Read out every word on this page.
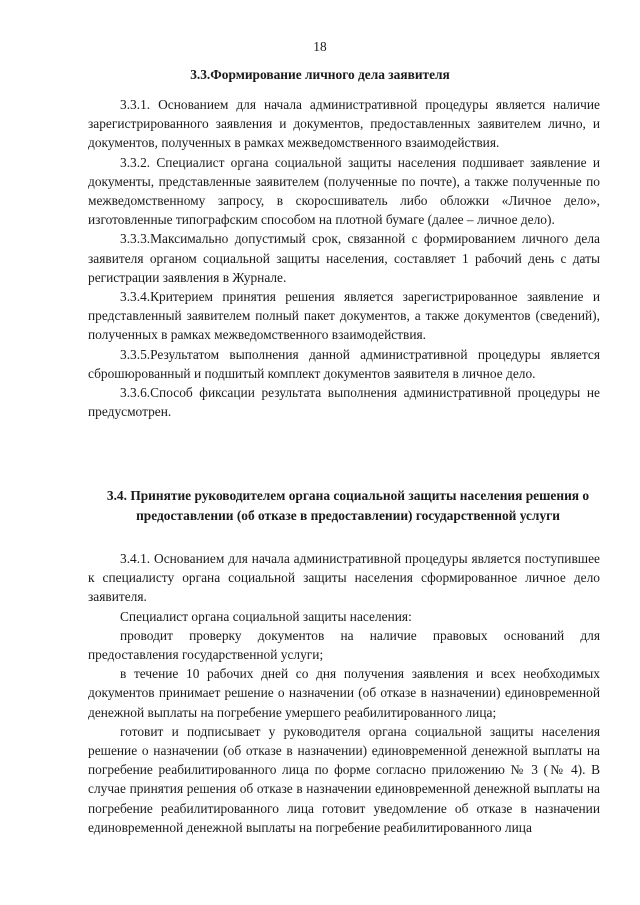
18
3.3.Формирование личного дела заявителя

3.3.1. Основанием для начала административной процедуры является наличие зарегистрированного заявления и документов, предоставленных заявителем лично, и документов, полученных в рамках межведомственного взаимодействия.

3.3.2. Специалист органа социальной защиты населения подшивает заявление и документы, представленные заявителем (полученные по почте), а также полученные по межведомственному запросу, в скоросшиватель либо обложки «Личное дело», изготовленные типографским способом на плотной бумаге (далее – личное дело).

3.3.3.Максимально допустимый срок, связанной с формированием личного дела заявителя органом социальной защиты населения, составляет 1 рабочий день с даты регистрации заявления в Журнале.

3.3.4.Критерием принятия решения является зарегистрированное заявление и представленный заявителем полный пакет документов, а также документов (сведений), полученных в рамках межведомственного взаимодействия.

3.3.5.Результатом выполнения данной административной процедуры является сброшюрованный и подшитый комплект документов заявителя в личное дело.

3.3.6.Способ фиксации результата выполнения административной процедуры не предусмотрен.

3.4. Принятие руководителем органа социальной защиты населения решения о предоставлении (об отказе в предоставлении) государственной услуги

3.4.1. Основанием для начала административной процедуры является поступившее к специалисту органа социальной защиты населения сформированное личное дело заявителя.

Специалист органа социальной защиты населения:

проводит проверку документов на наличие правовых оснований для предоставления государственной услуги;

в течение 10 рабочих дней со дня получения заявления и всех необходимых документов принимает решение о назначении (об отказе в назначении) единовременной денежной выплаты на погребение умершего реабилитированного лица;

готовит и подписывает у руководителя органа социальной защиты населения решение о назначении (об отказе в назначении) единовременной денежной выплаты на погребение реабилитированного лица по форме согласно приложению № 3 (№ 4). В случае принятия решения об отказе в назначении единовременной денежной выплаты на погребение реабилитированного лица готовит уведомление об отказе в назначении единовременной денежной выплаты на погребение реабилитированного лица
